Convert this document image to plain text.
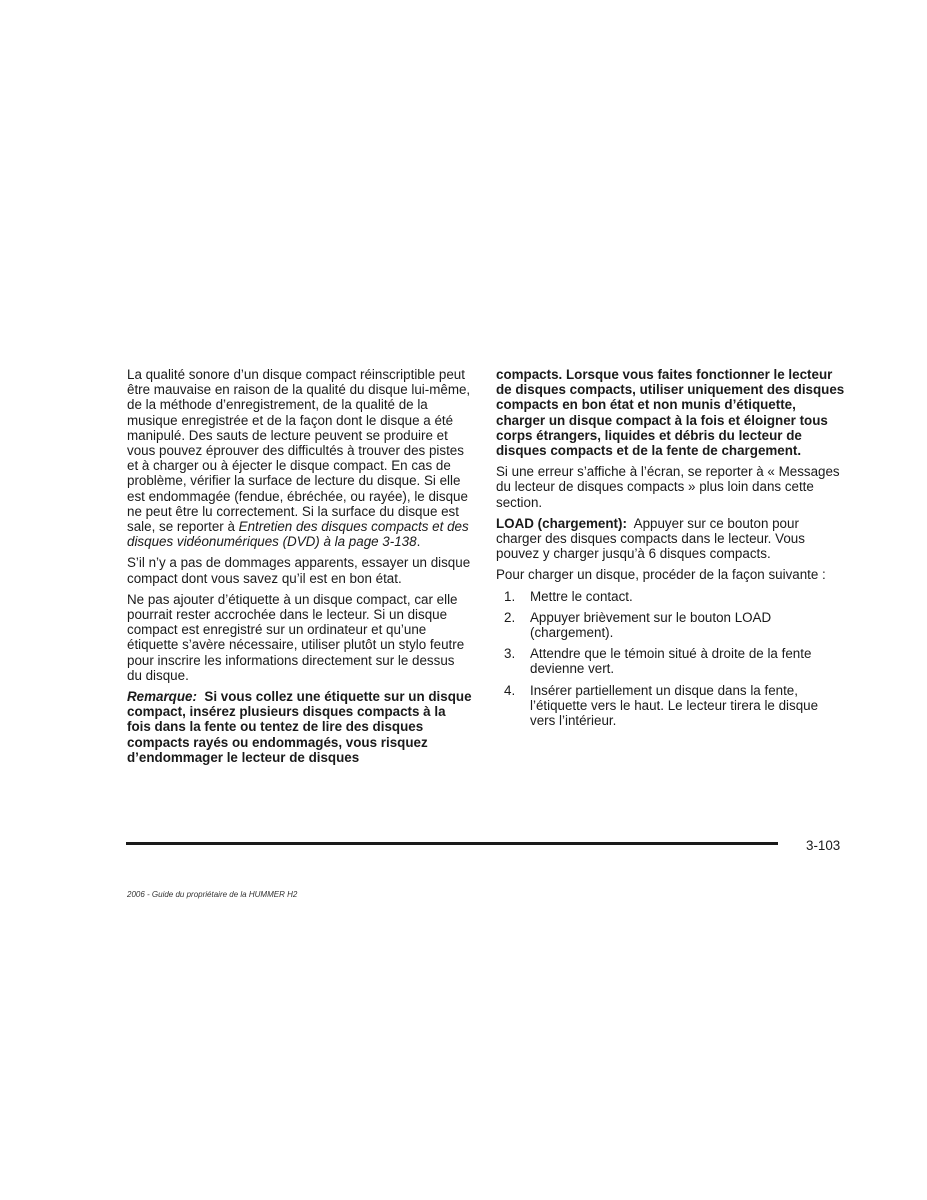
La qualité sonore d’un disque compact réinscriptible peut être mauvaise en raison de la qualité du disque lui-même, de la méthode d’enregistrement, de la qualité de la musique enregistrée et de la façon dont le disque a été manipulé. Des sauts de lecture peuvent se produire et vous pouvez éprouver des difficultés à trouver des pistes et à charger ou à éjecter le disque compact. En cas de problème, vérifier la surface de lecture du disque. Si elle est endommagée (fendue, ébréchée, ou rayée), le disque ne peut être lu correctement. Si la surface du disque est sale, se reporter à Entretien des disques compacts et des disques vidéonumériques (DVD) à la page 3-138.

S’il n’y a pas de dommages apparents, essayer un disque compact dont vous savez qu’il est en bon état.

Ne pas ajouter d’étiquette à un disque compact, car elle pourrait rester accrochée dans le lecteur. Si un disque compact est enregistré sur un ordinateur et qu’une étiquette s’avère nécessaire, utiliser plutôt un stylo feutre pour inscrire les informations directement sur le dessus du disque.

Remarque: Si vous collez une étiquette sur un disque compact, insérez plusieurs disques compacts à la fois dans la fente ou tentez de lire des disques compacts rayés ou endommagés, vous risquez d’endommager le lecteur de disques

compacts. Lorsque vous faites fonctionner le lecteur de disques compacts, utiliser uniquement des disques compacts en bon état et non munis d’étiquette, charger un disque compact à la fois et éloigner tous corps étrangers, liquides et débris du lecteur de disques compacts et de la fente de chargement.

Si une erreur s’affiche à l’écran, se reporter à « Messages du lecteur de disques compacts » plus loin dans cette section.

LOAD (chargement): Appuyer sur ce bouton pour charger des disques compacts dans le lecteur. Vous pouvez y charger jusqu’à 6 disques compacts.

Pour charger un disque, procéder de la façon suivante :

1. Mettre le contact.
2. Appuyer brièvement sur le bouton LOAD (chargement).
3. Attendre que le témoin situé à droite de la fente devienne vert.
4. Insérer partiellement un disque dans la fente, l’étiquette vers le haut. Le lecteur tirera le disque vers l’intérieur.
3-103
2006 - Guide du propriétaire de la HUMMER H2
